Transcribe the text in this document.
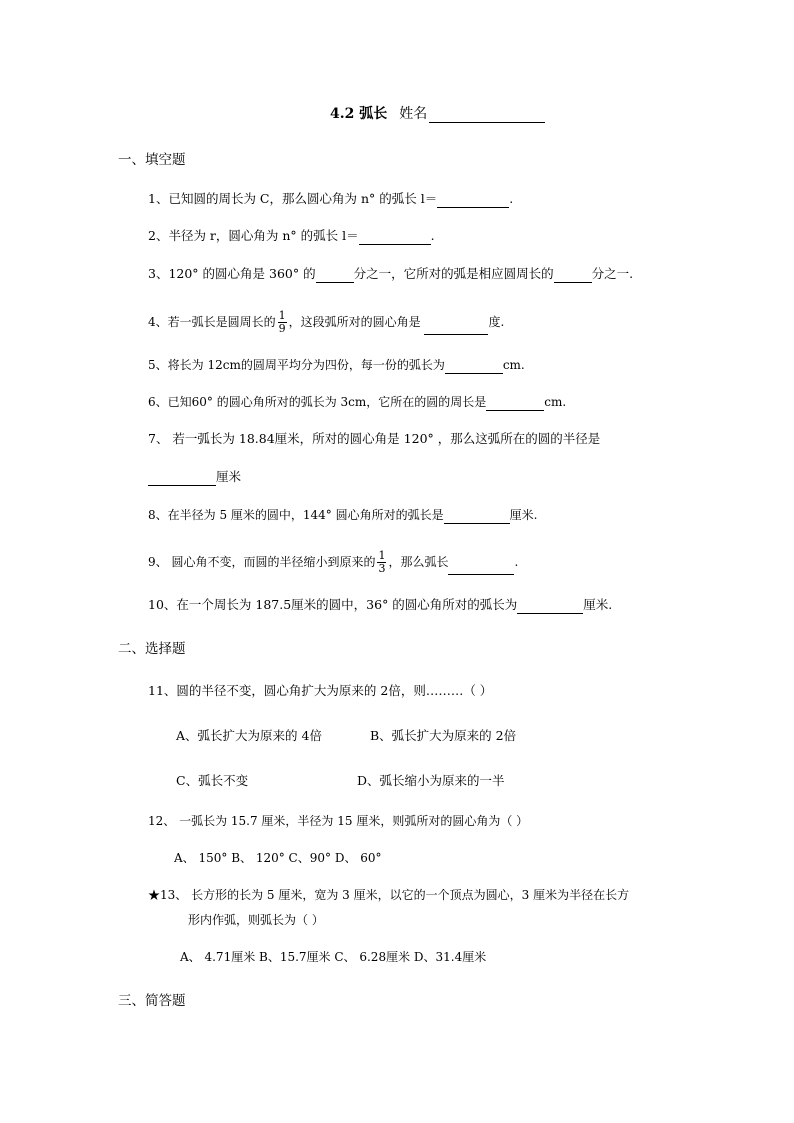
4.2 弧长 姓名
一、填空题
1、已知圆的周长为 C，那么圆心角为 n° 的弧长 l＝	.
2、半径为 r，圆心角为 n° 的弧长 l＝	.
3、120° 的圆心角是 360° 的	分之一，它所对的弧是相应圆周长的	分之一.
4、若一弧长是圆周长的 $\frac{1}{9}$ ，这段弧所对的圆心角是	度.
5、将长为 12cm的圆周平均分为四份，每一份的弧长为	cm.
6、已知60° 的圆心角所对的弧长为 3cm，它所在的圆的周长是	cm.
7、 若一弧长为 18.84厘米，所对的圆心角是 120° ，那么这弧所在的圆的半径是
厘米
8、在半径为 5 厘米的圆中，144° 圆心角所对的弧长是	厘米.
9、 圆心角不变，而圆的半径缩小到原来的 $\frac{1}{3}$ ，那么弧长	.
10、在一个周长为 187.5厘米的圆中，36° 的圆心角所对的弧长为	厘米.
二、选择题
11、圆的半径不变，圆心角扩大为原来的 2倍，则………（ ）
A、弧长扩大为原来的 4倍	B、弧长扩大为原来的 2倍
C、弧长不变	D、弧长缩小为原来的一半
12、 一弧长为 15.7 厘米，半径为 15 厘米，则弧所对的圆心角为（ ）
A、 150° B、 120° C、90° D、 60°
★13、 长方形的长为 5 厘米，宽为 3 厘米，以它的一个顶点为圆心，3 厘米为半径在长方
形内作弧，则弧长为（ ）
A、 4.71厘米 B、15.7厘米 C、 6.28厘米 D、31.4厘米
三、简答题
